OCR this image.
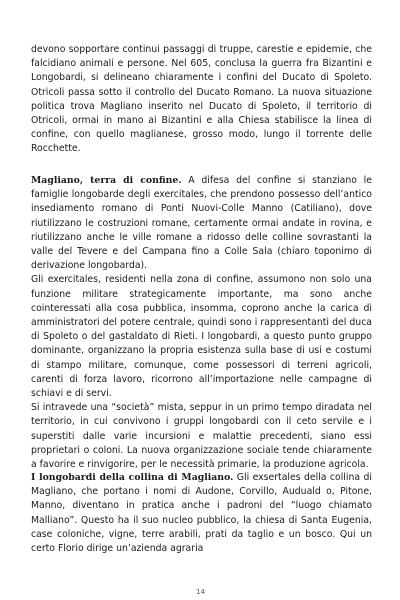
devono sopportare continui passaggi di truppe, carestie e epidemie, che falcidiano animali e persone. Nel 605, conclusa la guerra fra Bizantini e Longobardi, si delineano chiaramente i confini del Ducato di Spoleto. Otricoli passa sotto il controllo del Ducato Romano. La nuova situazione politica trova Magliano inserito nel Ducato di Spoleto, il territorio di Otricoli, ormai in mano ai Bizantini e alla Chiesa stabilisce la linea di confine, con quello maglianese, grosso modo, lungo il torrente delle Rocchette.

Magliano, terra di confine. A difesa del confine si stanziano le famiglie longobarde degli exercitales, che prendono possesso dell’antico insediamento romano di Ponti Nuovi-Colle Manno (Catiliano), dove riutilizzano le costruzioni romane, certamente ormai andate in rovina, e riutilizzano anche le ville romane a ridosso delle colline sovrastanti la valle del Tevere e del Campana fino a Colle Sala (chiaro toponimo di derivazione longobarda).

Gli exercitales, residenti nella zona di confine, assumono non solo una funzione militare strategicamente importante, ma sono anche cointeressati alla cosa pubblica, insomma, coprono anche la carica di amministratori del potere centrale, quindi sono i rappresentanti del duca di Spoleto o del gastaldato di Rieti. I longobardi, a questo punto gruppo dominante, organizzano la propria esistenza sulla base di usi e costumi di stampo militare, comunque, come possessori di terreni agricoli, carenti di forza lavoro, ricorrono all’importazione nelle campagne di schiavi e di servi.

Si intravede una “società” mista, seppur in un primo tempo diradata nel territorio, in cui convivono i gruppi longobardi con il ceto servile e i superstiti dalle varie incursioni e malattie precedenti, siano essi proprietari o coloni. La nuova organizzazione sociale tende chiaramente a favorire e rinvigorire, per le necessità primarie, la produzione agricola.

I longobardi della collina di Magliano. Gli exsertales della collina di Magliano, che portano i nomi di Audone, Corvillo, Auduald o, Pitone, Manno, diventano in pratica anche i padroni del “luogo chiamato Malliano”. Questo ha il suo nucleo pubblico, la chiesa di Santa Eugenia, case coloniche, vigne, terre arabili, prati da taglio e un bosco. Qui un certo Florio dirige un’azienda agraria

14
